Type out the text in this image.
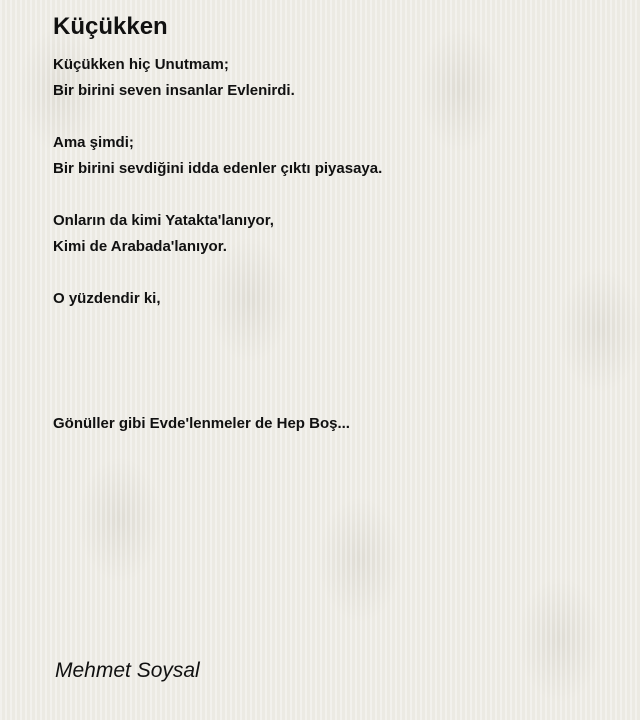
Küçükken
Küçükken hiç Unutmam;
Bir birini seven insanlar Evlenirdi.
Ama şimdi;
Bir birini sevdiğini idda edenler çıktı piyasaya.
Onların da kimi Yatakta'lanıyor,
Kimi de Arabada'lanıyor.
O yüzdendir ki,
Gönüller gibi Evde'lenmeler de Hep Boş...
Mehmet Soysal
